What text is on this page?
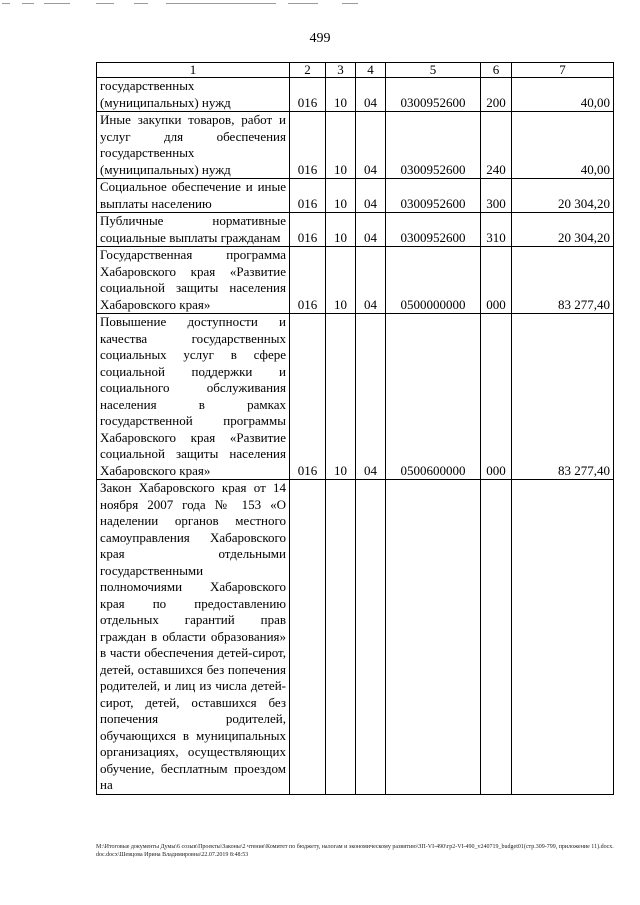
499
1	2	3	4	5	6	7
государственных (муниципальных) нужд	016	10	04	0300952600	200	40,00
Иные закупки товаров, работ и услуг для обеспечения государственных (муниципальных) нужд	016	10	04	0300952600	240	40,00
Социальное обеспечение и иные выплаты населению	016	10	04	0300952600	300	20 304,20
Публичные нормативные социальные выплаты гражданам	016	10	04	0300952600	310	20 304,20
Государственная программа Хабаровского края «Развитие социальной защиты населения Хабаровского края»	016	10	04	0500000000	000	83 277,40
Повышение доступности и качества государственных социальных услуг в сфере социальной поддержки и социального обслуживания населения в рамках государственной программы Хабаровского края «Развитие социальной защиты населения Хабаровского края»	016	10	04	0500600000	000	83 277,40
Закон Хабаровского края от 14 ноября 2007 года № 153 «О наделении органов местного самоуправления Хабаровского края отдельными государственными полномочиями Хабаровского края по предоставлению отдельных гарантий прав граждан в области образования» в части обеспечения детей-сирот, детей, оставшихся без попечения родителей, и лиц из числа детей-сирот, детей, оставшихся без попечения родителей, обучающихся в муниципальных организациях, осуществляющих обучение, бесплатным проездом на						
M:\Итоговые документы Думы\6 созыв\Проекты\Законы\2 чтение\Комитет по бюджету, налогам и экономическому развитию\ЗП-VI-490\гр2-VI-490_v240719_budget01(стр.309-799, приложение 11).docx.doc.docx\Шевцова Ирина Владимировна\22.07.2019 8:48:53
